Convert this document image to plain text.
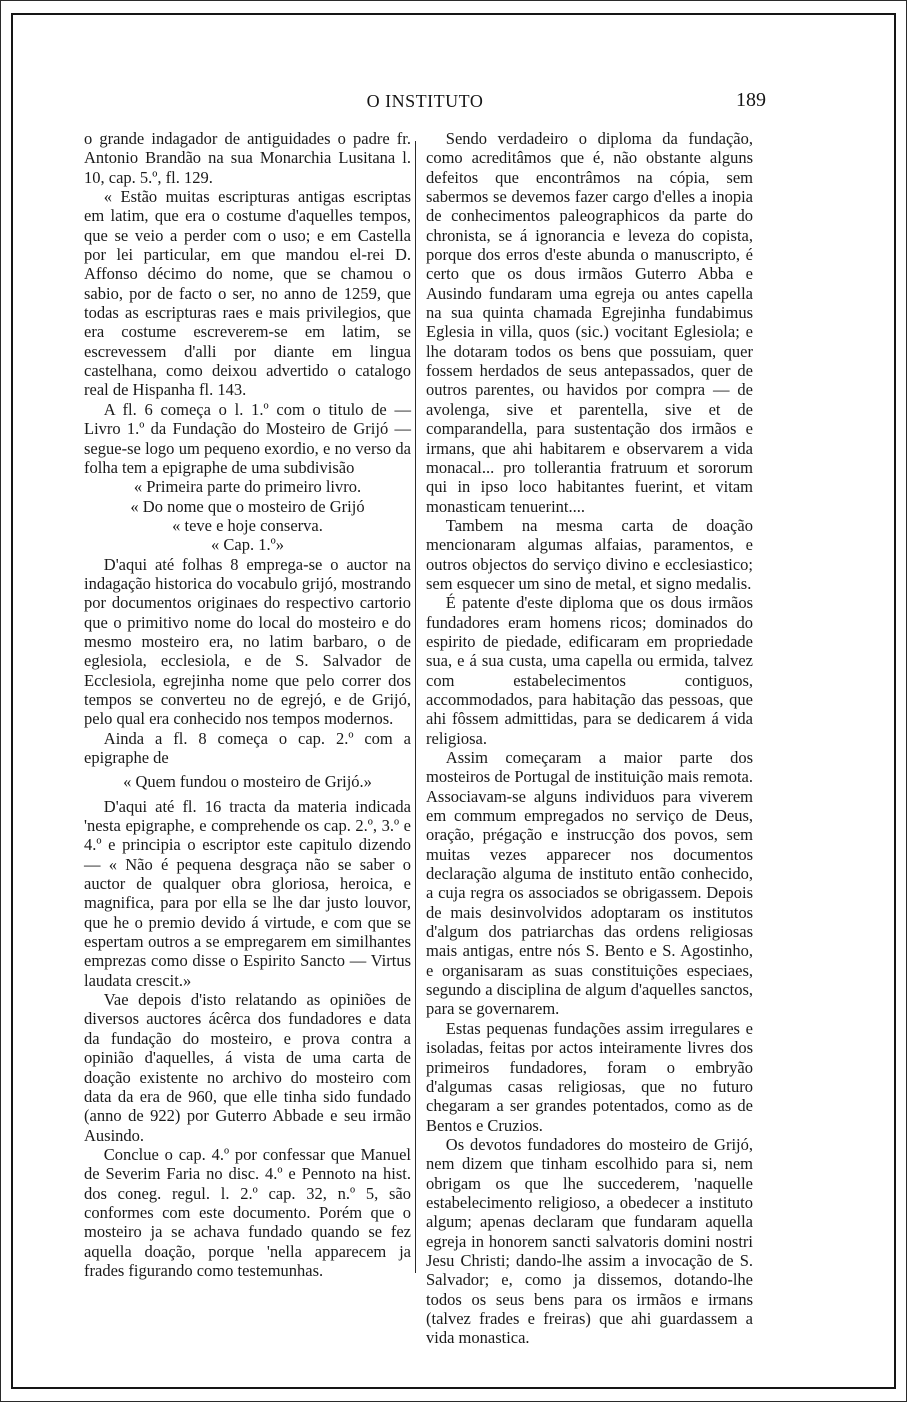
O INSTITUTO	189

o grande indagador de antiguidades o padre fr. Antonio Brandão na sua Monarchia Lusitana l. 10, cap. 5.º, fl. 129.

« Estão muitas escripturas antigas escriptas em latim, que era o costume d'aquelles tempos, que se veio a perder com o uso; e em Castella por lei particular, em que mandou el-rei D. Affonso décimo do nome, que se chamou o sabio, por de facto o ser, no anno de 1259, que todas as escripturas raes e mais privilegios, que era costume escreverem-se em latim, se escrevessem d'alli por diante em lingua castelhana, como deixou advertido o catalogo real de Hispanha fl. 143.

A fl. 6 começa o l. 1.º com o titulo de — Livro 1.º da Fundação do Mosteiro de Grijó — segue-se logo um pequeno exordio, e no verso da folha tem a epigraphe de uma subdivisão

« Primeira parte do primeiro livro.

« Do nome que o mosteiro de Grijó

« teve e hoje conserva.

« Cap. 1.º»

D'aqui até folhas 8 emprega-se o auctor na indagação historica do vocabulo grijó, mostrando por documentos originaes do respectivo cartorio que o primitivo nome do local do mosteiro e do mesmo mosteiro era, no latim barbaro, o de eglesiola, ecclesiola, e de S. Salvador de Ecclesiola, egrejinha nome que pelo correr dos tempos se converteu no de egrejó, e de Grijó, pelo qual era conhecido nos tempos modernos.

Ainda a fl. 8 começa o cap. 2.º com a epigraphe de

« Quem fundou o mosteiro de Grijó.»

D'aqui até fl. 16 tracta da materia indicada 'nesta epigraphe, e comprehende os cap. 2.º, 3.º e 4.º e principia o escriptor este capitulo dizendo — « Não é pequena desgraça não se saber o auctor de qualquer obra gloriosa, heroica, e magnifica, para por ella se lhe dar justo louvor, que he o premio devido á virtude, e com que se espertam outros a se empregarem em similhantes emprezas como disse o Espirito Sancto — Virtus laudata crescit.»

Vae depois d'isto relatando as opiniões de diversos auctores ácêrca dos fundadores e data da fundação do mosteiro, e prova contra a opinião d'aquelles, á vista de uma carta de doação existente no archivo do mosteiro com data da era de 960, que elle tinha sido fundado (anno de 922) por Guterro Abbade e seu irmão Ausindo.

Conclue o cap. 4.º por confessar que Manuel de Severim Faria no disc. 4.º e Pennoto na hist. dos coneg. regul. l. 2.º cap. 32, n.º 5, são conformes com este documento. Porém que o mosteiro ja se achava fundado quando se fez aquella doação, porque 'nella apparecem ja frades figurando como testemunhas.

Sendo verdadeiro o diploma da fundação, como acreditâmos que é, não obstante alguns defeitos que encontrâmos na cópia, sem sabermos se devemos fazer cargo d'elles a inopia de conhecimentos paleographicos da parte do chronista, se á ignorancia e leveza do copista, porque dos erros d'este abunda o manuscripto, é certo que os dous irmãos Guterro Abba e Ausindo fundaram uma egreja ou antes capella na sua quinta chamada Egrejinha fundabimus Eglesia in villa, quos (sic.) vocitant Eglesiola; e lhe dotaram todos os bens que possuiam, quer fossem herdados de seus antepassados, quer de outros parentes, ou havidos por compra — de avolenga, sive et parentella, sive et de comparandella, para sustentação dos irmãos e irmans, que ahi habitarem e observarem a vida monacal... pro tollerantia fratruum et sororum qui in ipso loco habitantes fuerint, et vitam monasticam tenuerint....

Tambem na mesma carta de doação mencionaram algumas alfaias, paramentos, e outros objectos do serviço divino e ecclesiastico; sem esquecer um sino de metal, et signo medalis.

É patente d'este diploma que os dous irmãos fundadores eram homens ricos; dominados do espirito de piedade, edificaram em propriedade sua, e á sua custa, uma capella ou ermida, talvez com estabelecimentos contiguos, accommodados, para habitação das pessoas, que ahi fôssem admittidas, para se dedicarem á vida religiosa.

Assim começaram a maior parte dos mosteiros de Portugal de instituição mais remota. Associavam-se alguns individuos para viverem em commum empregados no serviço de Deus, oração, prégação e instrucção dos povos, sem muitas vezes apparecer nos documentos declaração alguma de instituto então conhecido, a cuja regra os associados se obrigassem. Depois de mais desinvolvidos adoptaram os institutos d'algum dos patriarchas das ordens religiosas mais antigas, entre nós S. Bento e S. Agostinho, e organisaram as suas constituições especiaes, segundo a disciplina de algum d'aquelles sanctos, para se governarem.

Estas pequenas fundações assim irregulares e isoladas, feitas por actos inteiramente livres dos primeiros fundadores, foram o embryão d'algumas casas religiosas, que no futuro chegaram a ser grandes potentados, como as de Bentos e Cruzios.

Os devotos fundadores do mosteiro de Grijó, nem dizem que tinham escolhido para si, nem obrigam os que lhe succederem, 'naquelle estabelecimento religioso, a obedecer a instituto algum; apenas declaram que fundaram aquella egreja in honorem sancti salvatoris domini nostri Jesu Christi; dando-lhe assim a invocação de S. Salvador; e, como ja dissemos, dotando-lhe todos os seus bens para os irmãos e irmans (talvez frades e freiras) que ahi guardassem a vida monastica.
